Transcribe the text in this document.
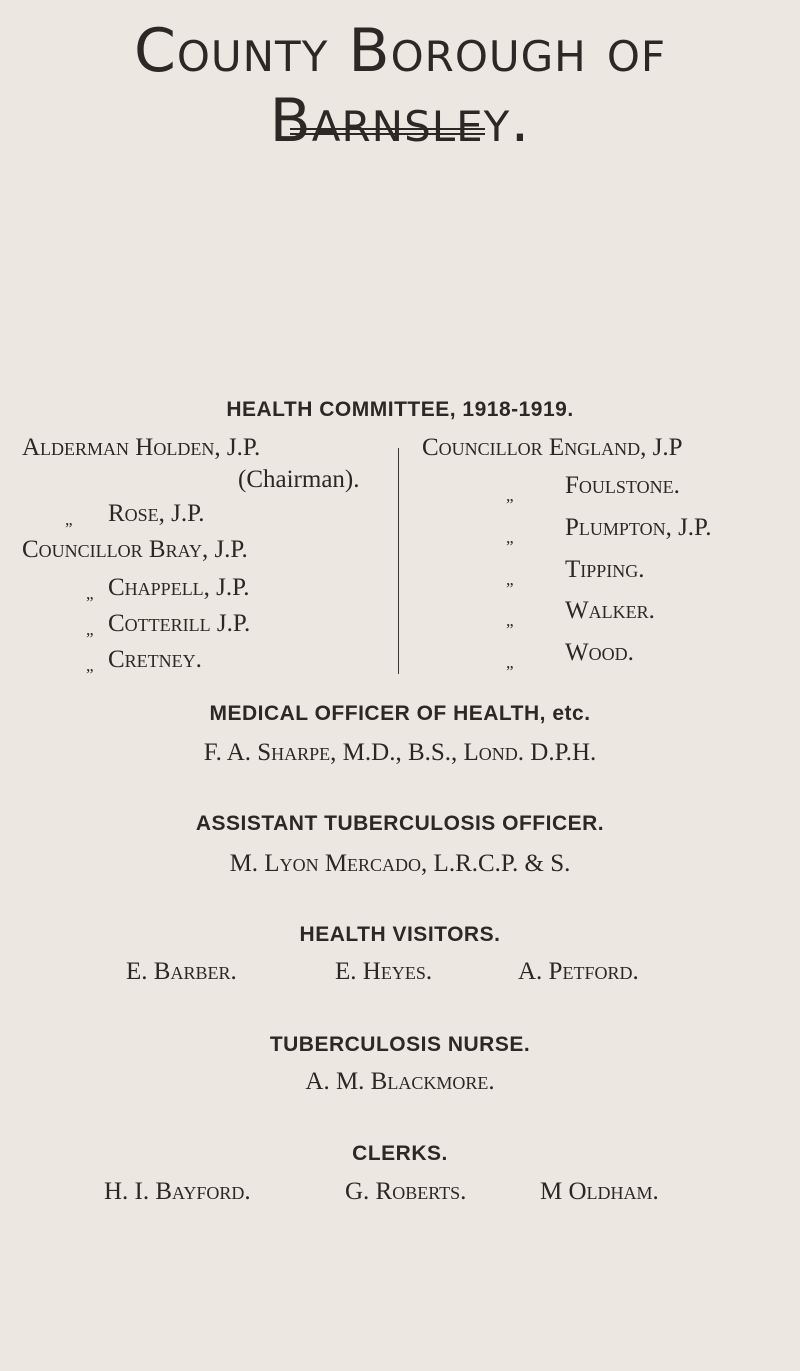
County Borough of Barnsley.
HEALTH COMMITTEE, 1918-1919.
Alderman Holden, J.P.
(Chairman).
„ Rose, J.P.
Councillor Bray, J.P.
„ Chappell, J.P.
„ Cotterill J.P.
„ Cretney.
Councillor England, J.P
„ Foulstone.
„ Plumpton, J.P.
„ Tipping.
„ Walker.
„ Wood.
MEDICAL OFFICER OF HEALTH, etc.
F. A. Sharpe, M.D., B.S., Lond. D.P.H.
ASSISTANT TUBERCULOSIS OFFICER.
M. Lyon Mercado, L.R.C.P. & S.
HEALTH VISITORS.
E. Barber.	E. Heyes.	A. Petford.
TUBERCULOSIS NURSE.
A. M. Blackmore.
CLERKS.
H. I. Bayford.	G. Roberts.	M Oldham.
